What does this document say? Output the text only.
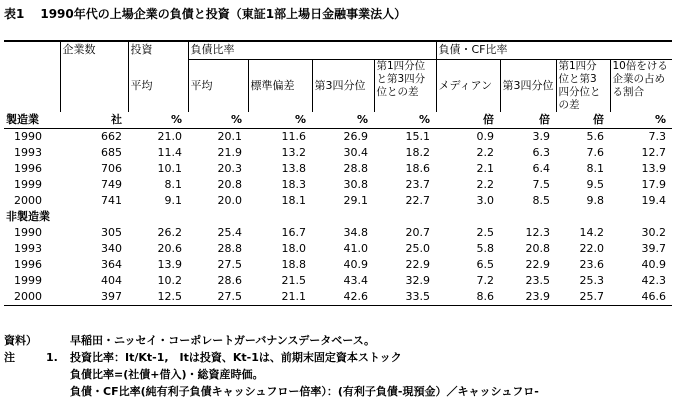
表1 1990年代の上場企業の負債と投資（東証1部上場日金融事業法人）
	企業数	投資	負債比率				負債・CF比率			
		平均	平均	標準偏差	第3四分位	第1四分位と第3四分位との差	メディアン	第3四分位	第1四分位と第3四分位との差	10倍をける企業の占める割合
製造業	社	%	%	%	%	%	倍	倍	倍	%
1990	662	21.0	20.1	11.6	26.9	15.1	0.9	3.9	5.6	7.3
1993	685	11.4	21.9	13.2	30.4	18.2	2.2	6.3	7.6	12.7
1996	706	10.1	20.3	13.8	28.8	18.6	2.1	6.4	8.1	13.9
1999	749	8.1	20.8	18.3	30.8	23.7	2.2	7.5	9.5	17.9
2000	741	9.1	20.0	18.1	29.1	22.7	3.0	8.5	9.8	19.4
非製造業										
1990	305	26.2	25.4	16.7	34.8	20.7	2.5	12.3	14.2	30.2
1993	340	20.6	28.8	18.0	41.0	25.0	5.8	20.8	22.0	39.7
1996	364	13.9	27.5	18.8	40.9	22.9	6.5	22.9	23.6	40.9
1999	404	10.2	28.6	21.5	43.4	32.9	7.2	23.5	25.3	42.3
2000	397	12.5	27.5	21.1	42.6	33.5	8.6	23.9	25.7	46.6
資料）	早稲田・ニッセイ・コーポレートガーバナンスデータベース。
注	1.	投資比率：It/Kt-1,　Itは投資、Kt-1は、前期末固定資本ストック
負債比率=(社債+借入)・総資産時価。
負債・CF比率(純有利子負債キャッシュフロー倍率）：(有利子負債-現預金）／キャッシュフロ-
